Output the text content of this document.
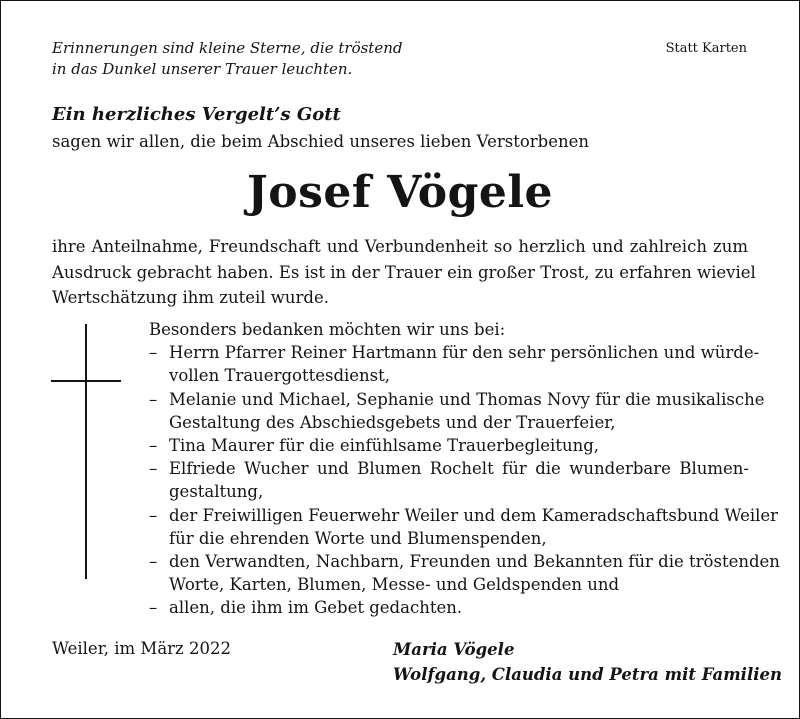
Erinnerungen sind kleine Sterne, die tröstend
in das Dunkel unserer Trauer leuchten.
Statt Karten
Ein herzliches Vergelt’s Gott
sagen wir allen, die beim Abschied unseres lieben Verstorbenen
Josef Vögele
ihre Anteilnahme, Freundschaft und Verbundenheit so herzlich und zahlreich zum
Ausdruck gebracht haben. Es ist in der Trauer ein großer Trost, zu erfahren wieviel
Wertschätzung ihm zuteil wurde.
Besonders bedanken möchten wir uns bei:
– Herrn Pfarrer Reiner Hartmann für den sehr persönlichen und würde-
vollen Trauergottesdienst,
– Melanie und Michael, Sephanie und Thomas Novy für die musikalische
Gestaltung des Abschiedsgebets und der Trauerfeier,
– Tina Maurer für die einfühlsame Trauerbegleitung,
– Elfriede Wucher und Blumen Rochelt für die wunderbare Blumen-
gestaltung,
– der Freiwilligen Feuerwehr Weiler und dem Kameradschaftsbund Weiler
für die ehrenden Worte und Blumenspenden,
– den Verwandten, Nachbarn, Freunden und Bekannten für die tröstenden
Worte, Karten, Blumen, Messe- und Geldspenden und
– allen, die ihm im Gebet gedachten.
Weiler, im März 2022	Maria Vögele
Wolfgang, Claudia und Petra mit Familien
